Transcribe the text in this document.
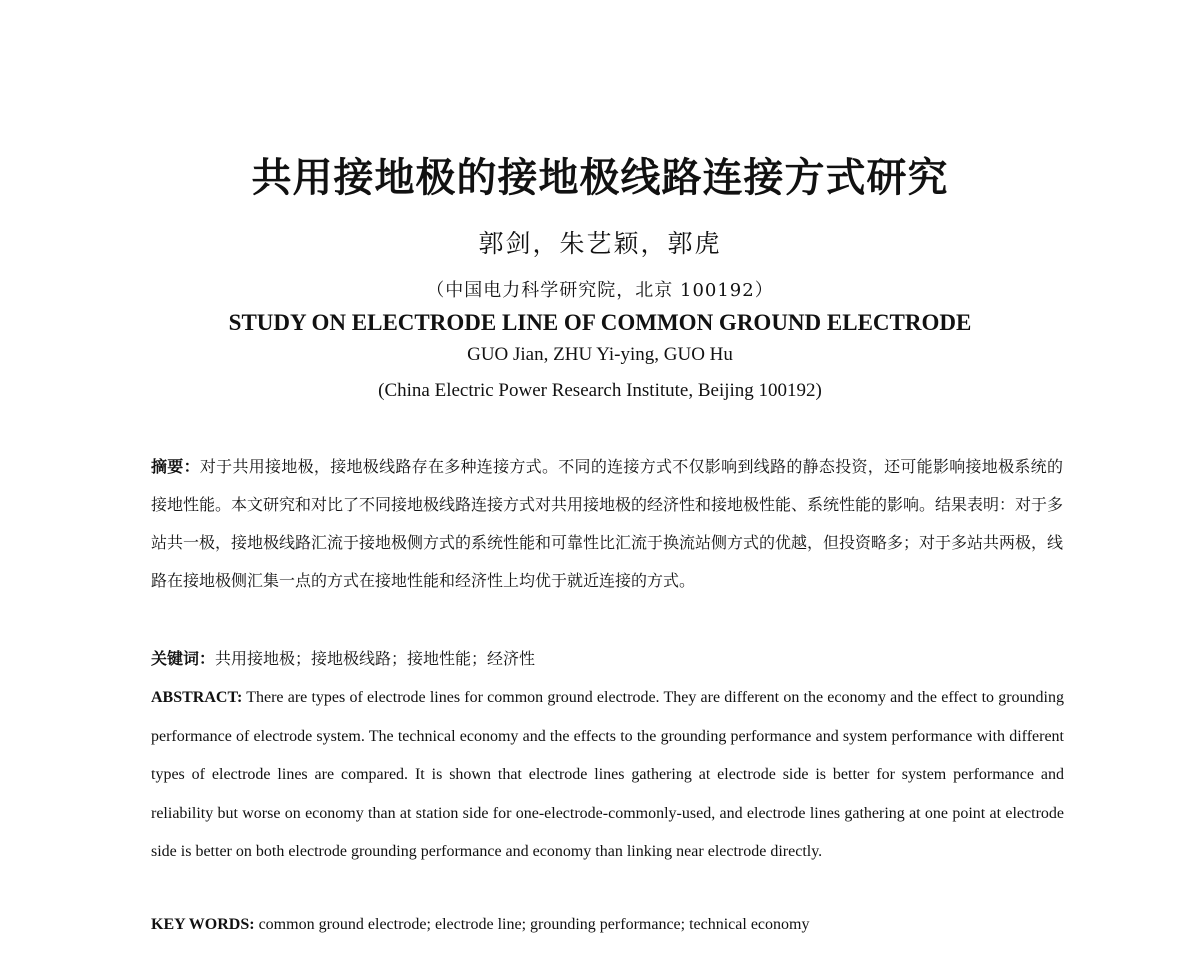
共用接地极的接地极线路连接方式研究
郭剑，朱艺颖，郭虎
（中国电力科学研究院，北京 100192）
STUDY ON ELECTRODE LINE OF COMMON GROUND ELECTRODE
GUO Jian, ZHU Yi-ying, GUO Hu
(China Electric Power Research Institute, Beijing 100192)

摘要：对于共用接地极，接地极线路存在多种连接方式。不同的连接方式不仅影响到线路的静态投资，还可能影响接地极系统的接地性能。本文研究和对比了不同接地极线路连接方式对共用接地极的经济性和接地极性能、系统性能的影响。结果表明：对于多站共一极，接地极线路汇流于接地极侧方式的系统性能和可靠性比汇流于换流站侧方式的优越，但投资略多；对于多站共两极，线路在接地极侧汇集一点的方式在接地性能和经济性上均优于就近连接的方式。

关键词：共用接地极；接地极线路；接地性能；经济性

ABSTRACT: There are types of electrode lines for common ground electrode. They are different on the economy and the effect to grounding performance of electrode system. The technical economy and the effects to the grounding performance and system performance with different types of electrode lines are compared. It is shown that electrode lines gathering at electrode side is better for system performance and reliability but worse on economy than at station side for one-electrode-commonly-used, and electrode lines gathering at one point at electrode side is better on both electrode grounding performance and economy than linking near electrode directly.

KEY WORDS: common ground electrode; electrode line; grounding performance; technical economy
